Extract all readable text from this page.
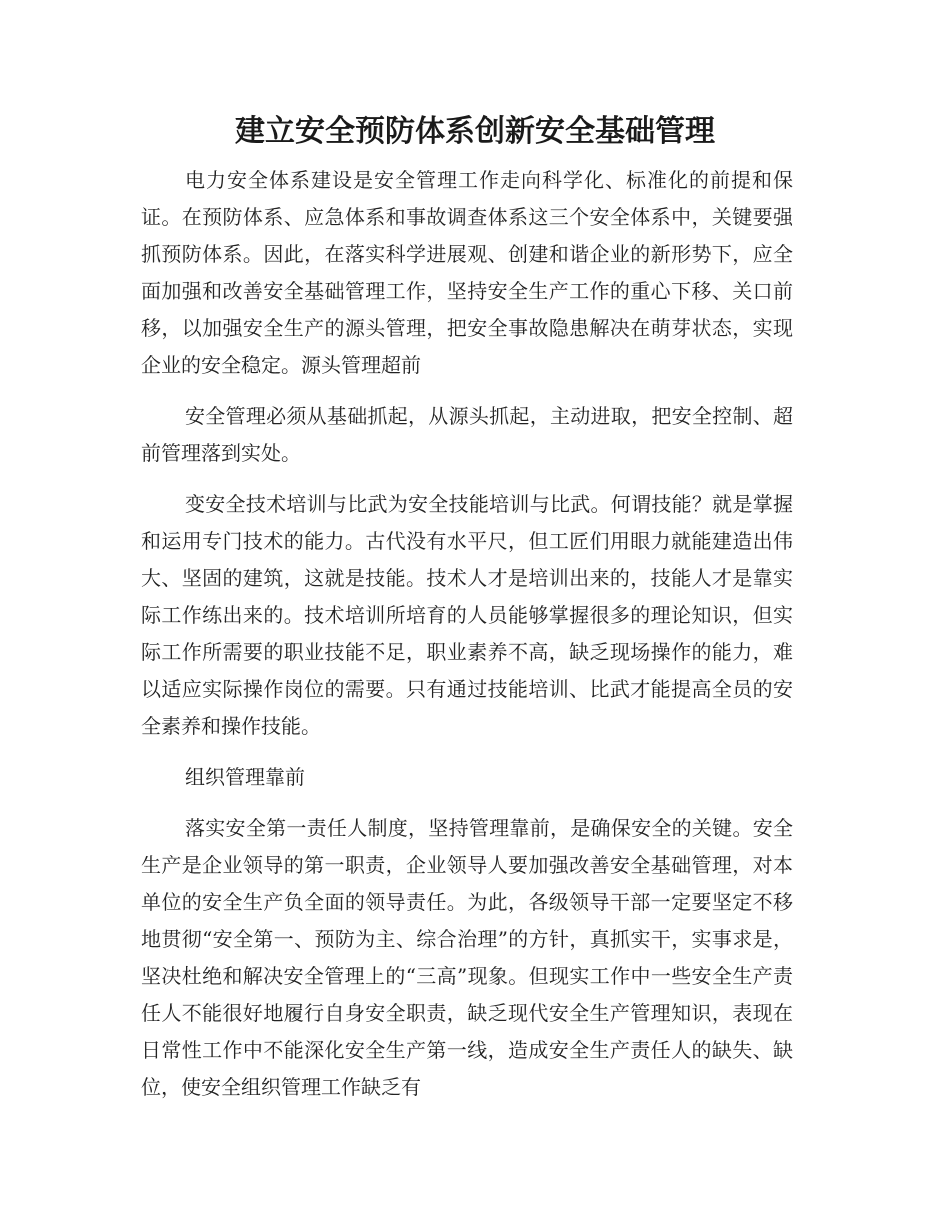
建立安全预防体系创新安全基础管理

电力安全体系建设是安全管理工作走向科学化、标准化的前提和保证。在预防体系、应急体系和事故调查体系这三个安全体系中，关键要强抓预防体系。因此，在落实科学进展观、创建和谐企业的新形势下，应全面加强和改善安全基础管理工作，坚持安全生产工作的重心下移、关口前移，以加强安全生产的源头管理，把安全事故隐患解决在萌芽状态，实现企业的安全稳定。源头管理超前

安全管理必须从基础抓起，从源头抓起，主动进取，把安全控制、超前管理落到实处。

变安全技术培训与比武为安全技能培训与比武。何谓技能？就是掌握和运用专门技术的能力。古代没有水平尺，但工匠们用眼力就能建造出伟大、坚固的建筑，这就是技能。技术人才是培训出来的，技能人才是靠实际工作练出来的。技术培训所培育的人员能够掌握很多的理论知识，但实际工作所需要的职业技能不足，职业素养不高，缺乏现场操作的能力，难以适应实际操作岗位的需要。只有通过技能培训、比武才能提高全员的安全素养和操作技能。

组织管理靠前

落实安全第一责任人制度，坚持管理靠前，是确保安全的关键。安全生产是企业领导的第一职责，企业领导人要加强改善安全基础管理，对本单位的安全生产负全面的领导责任。为此，各级领导干部一定要坚定不移地贯彻“安全第一、预防为主、综合治理”的方针，真抓实干，实事求是，坚决杜绝和解决安全管理上的“三高”现象。但现实工作中一些安全生产责任人不能很好地履行自身安全职责，缺乏现代安全生产管理知识，表现在日常性工作中不能深化安全生产第一线，造成安全生产责任人的缺失、缺位，使安全组织管理工作缺乏有
